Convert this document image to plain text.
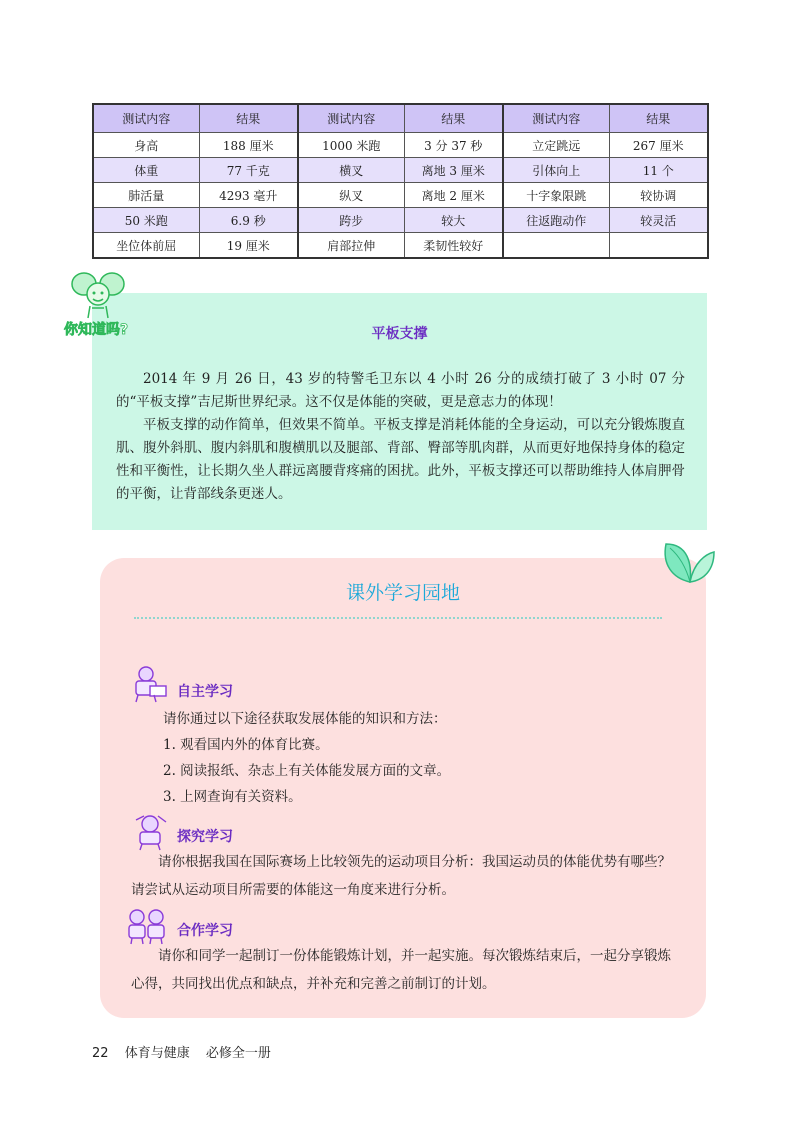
测试内容	结果	测试内容	结果	测试内容	结果
身高	188 厘米	1000 米跑	3 分 37 秒	立定跳远	267 厘米
体重	77 千克	横叉	离地 3 厘米	引体向上	11 个
肺活量	4293 毫升	纵叉	离地 2 厘米	十字象限跳	较协调
50 米跑	6.9 秒	跨步	较大	往返跑动作	较灵活
坐位体前屈	19 厘米	肩部拉伸	柔韧性较好		
平板支撑

2014 年 9 月 26 日，43 岁的特警毛卫东以 4 小时 26 分的成绩打破了 3 小时 07 分的“平板支撑”吉尼斯世界纪录。这不仅是体能的突破，更是意志力的体现！

平板支撑的动作简单，但效果不简单。平板支撑是消耗体能的全身运动，可以充分锻炼腹直肌、腹外斜肌、腹内斜肌和腹横肌以及腿部、背部、臀部等肌肉群，从而更好地保持身体的稳定性和平衡性，让长期久坐人群远离腰背疼痛的困扰。此外，平板支撑还可以帮助维持人体肩胛骨的平衡，让背部线条更迷人。

你知道吗?
课外学习园地
自主学习
请你通过以下途径获取发展体能的知识和方法：
1. 观看国内外的体育比赛。
2. 阅读报纸、杂志上有关体能发展方面的文章。
3. 上网查询有关资料。
探究学习

请你根据我国在国际赛场上比较领先的运动项目分析：我国运动员的体能优势有哪些？请尝试从运动项目所需要的体能这一角度来进行分析。

合作学习

请你和同学一起制订一份体能锻炼计划，并一起实施。每次锻炼结束后，一起分享锻炼心得，共同找出优点和缺点，并补充和完善之前制订的计划。

22 体育与健康 必修全一册
